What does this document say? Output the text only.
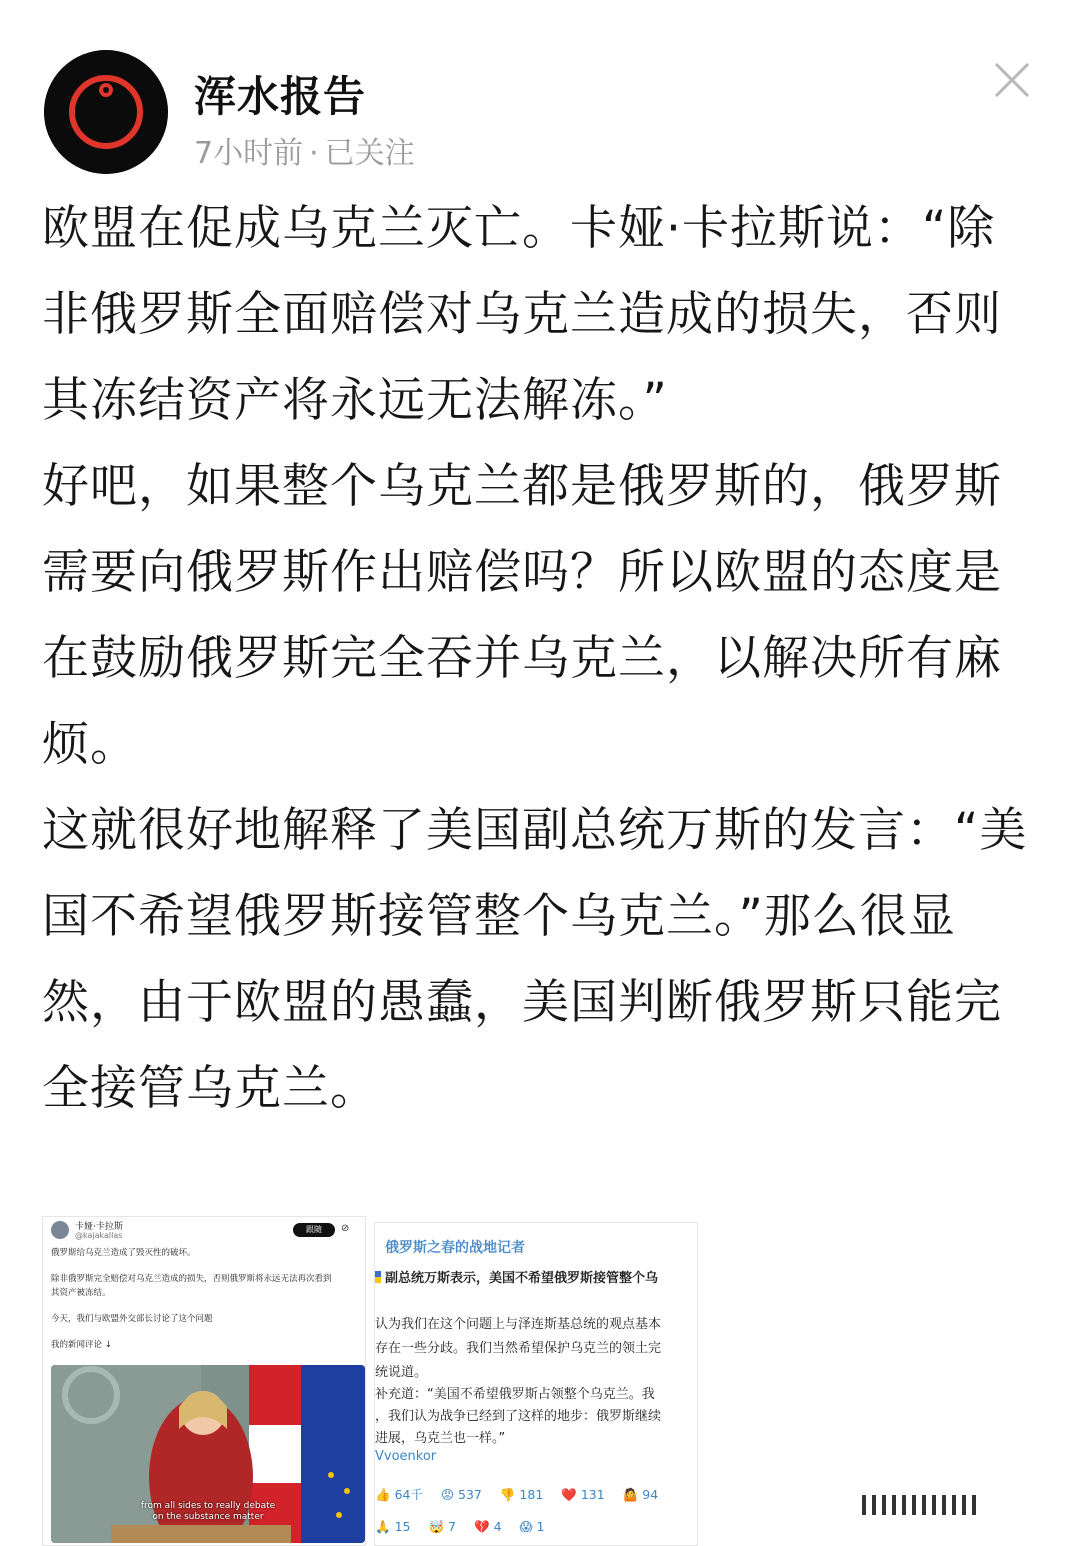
浑水报告
7小时前 · 已关注

欧盟在促成乌克兰灭亡。卡娅·卡拉斯说：“除非俄罗斯全面赔偿对乌克兰造成的损失，否则其冻结资产将永远无法解冻。”

好吧，如果整个乌克兰都是俄罗斯的，俄罗斯需要向俄罗斯作出赔偿吗？所以欧盟的态度是在鼓励俄罗斯完全吞并乌克兰，以解决所有麻烦。

这就很好地解释了美国副总统万斯的发言：“美国不希望俄罗斯接管整个乌克兰。”那么很显然，由于欧盟的愚蠢，美国判断俄罗斯只能完全接管乌克兰。

卡娅·卡拉斯
@kajakallas
跟随	⊘
俄罗斯给乌克兰造成了毁灭性的破坏。
除非俄罗斯完全赔偿对乌克兰造成的损失，否则俄罗斯将永远无法再次看到
其资产被冻结。
今天，我们与欧盟外交部长讨论了这个问题
我的新闻评论 ↓
from all sides to really debate
on the substance matter
俄罗斯之春的战地记者
副总统万斯表示，美国不希望俄罗斯接管整个乌
认为我们在这个问题上与泽连斯基总统的观点基本
存在一些分歧。我们当然希望保护乌克兰的领土完
统说道。
补充道：“美国不希望俄罗斯占领整个乌克兰。我
，我们认为战争已经到了这样的地步：俄罗斯继续
进展，乌克兰也一样。”
Vvoenkor
👍 64千 😡 537 👎 181 ❤️ 131 🤷 94
🙏 15 🤯 7 💔 4 😱 1
